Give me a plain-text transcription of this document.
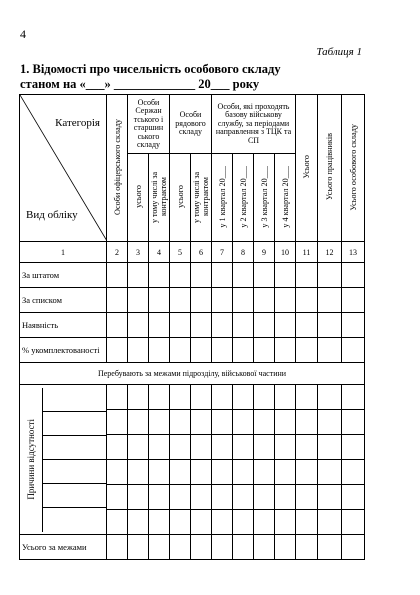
4
Таблиця 1
1. Відомості про чисельність особового складу
станом на «___» _____________ 20___ року
Категорія
Вид обліку	Особи офіцерського складу	Особи Сержан тського і старшин ського складу		Особи рядового складу		Особи, які проходять базову військову службу, за періодами направлення з ТЦК та СП				Усього	Усього працівників	Усього особового складу
		усього	у тому числі за контрактом	усього	у тому числі за контрактом	у 1 квартал 20___	у 2 квартал 20___	у 3 квартал 20___	у 4 квартал 20___			
1	2	3	4	5	6	7	8	9	10	11	12	13
За штатом												
За списком												
Наявність												
% укомплектованості												
Перебувають за межами підрозділу, військової частини												

Причини відсутності												

Усього за межами												
